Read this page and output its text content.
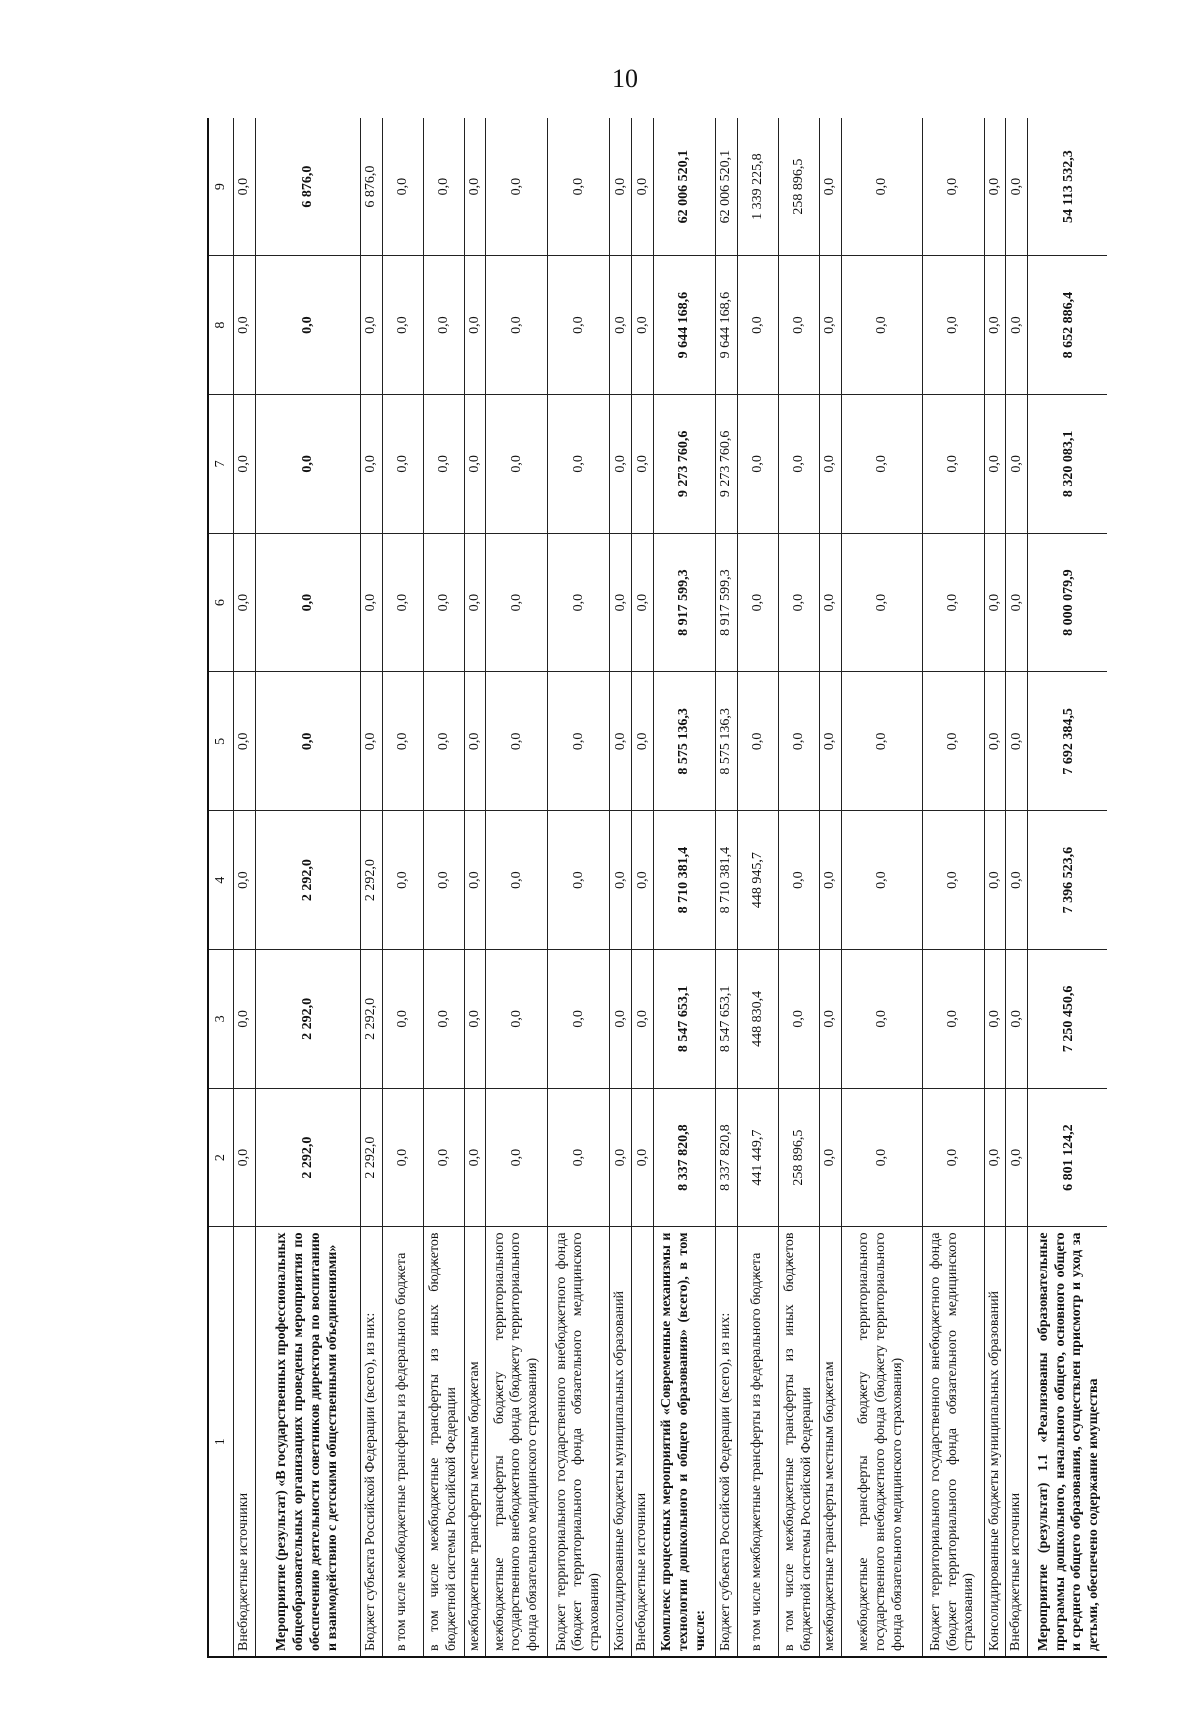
10
1	2	3	4	5	6	7	8	9
Внебюджетные источники	0,0	0,0	0,0	0,0	0,0	0,0	0,0	0,0
Мероприятие (результат) «В государственных профессиональных общеобразовательных организациях проведены мероприятия по обеспечению деятельности советников директора по воспитанию и взаимодействию с детскими общественными объединениями»	2 292,0	2 292,0	2 292,0	0,0	0,0	0,0	0,0	6 876,0
Бюджет субъекта Российской Федерации (всего), из них:	2 292,0	2 292,0	2 292,0	0,0	0,0	0,0	0,0	6 876,0
в том числе межбюджетные трансферты из федерального бюджета	0,0	0,0	0,0	0,0	0,0	0,0	0,0	0,0
в том числе межбюджетные трансферты из иных бюджетов бюджетной системы Российской Федерации	0,0	0,0	0,0	0,0	0,0	0,0	0,0	0,0
межбюджетные трансферты местным бюджетам	0,0	0,0	0,0	0,0	0,0	0,0	0,0	0,0
межбюджетные трансферты бюджету территориального государственного внебюджетного фонда (бюджету территориального фонда обязательного медицинского страхования)	0,0	0,0	0,0	0,0	0,0	0,0	0,0	0,0
Бюджет территориального государственного внебюджетного фонда (бюджет территориального фонда обязательного медицинского страхования)	0,0	0,0	0,0	0,0	0,0	0,0	0,0	0,0
Консолидированные бюджеты муниципальных образований	0,0	0,0	0,0	0,0	0,0	0,0	0,0	0,0
Внебюджетные источники	0,0	0,0	0,0	0,0	0,0	0,0	0,0	0,0
Комплекс процессных мероприятий «Современные механизмы и технологии дошкольного и общего образования» (всего), в том числе:	8 337 820,8	8 547 653,1	8 710 381,4	8 575 136,3	8 917 599,3	9 273 760,6	9 644 168,6	62 006 520,1
Бюджет субъекта Российской Федерации (всего), из них:	8 337 820,8	8 547 653,1	8 710 381,4	8 575 136,3	8 917 599,3	9 273 760,6	9 644 168,6	62 006 520,1
в том числе межбюджетные трансферты из федерального бюджета	441 449,7	448 830,4	448 945,7	0,0	0,0	0,0	0,0	1 339 225,8
в том числе межбюджетные трансферты из иных бюджетов бюджетной системы Российской Федерации	258 896,5	0,0	0,0	0,0	0,0	0,0	0,0	258 896,5
межбюджетные трансферты местным бюджетам	0,0	0,0	0,0	0,0	0,0	0,0	0,0	0,0
межбюджетные трансферты бюджету территориального государственного внебюджетного фонда (бюджету территориального фонда обязательного медицинского страхования)	0,0	0,0	0,0	0,0	0,0	0,0	0,0	0,0
Бюджет территориального государственного внебюджетного фонда (бюджет территориального фонда обязательного медицинского страхования)	0,0	0,0	0,0	0,0	0,0	0,0	0,0	0,0
Консолидированные бюджеты муниципальных образований	0,0	0,0	0,0	0,0	0,0	0,0	0,0	0,0
Внебюджетные источники	0,0	0,0	0,0	0,0	0,0	0,0	0,0	0,0
Мероприятие (результат) 1.1 «Реализованы образовательные программы дошкольного, начального общего, основного общего и среднего общего образования, осуществлен присмотр и уход за детьми, обеспечено содержание имущества	6 801 124,2	7 250 450,6	7 396 523,6	7 692 384,5	8 000 079,9	8 320 083,1	8 652 886,4	54 113 532,3
